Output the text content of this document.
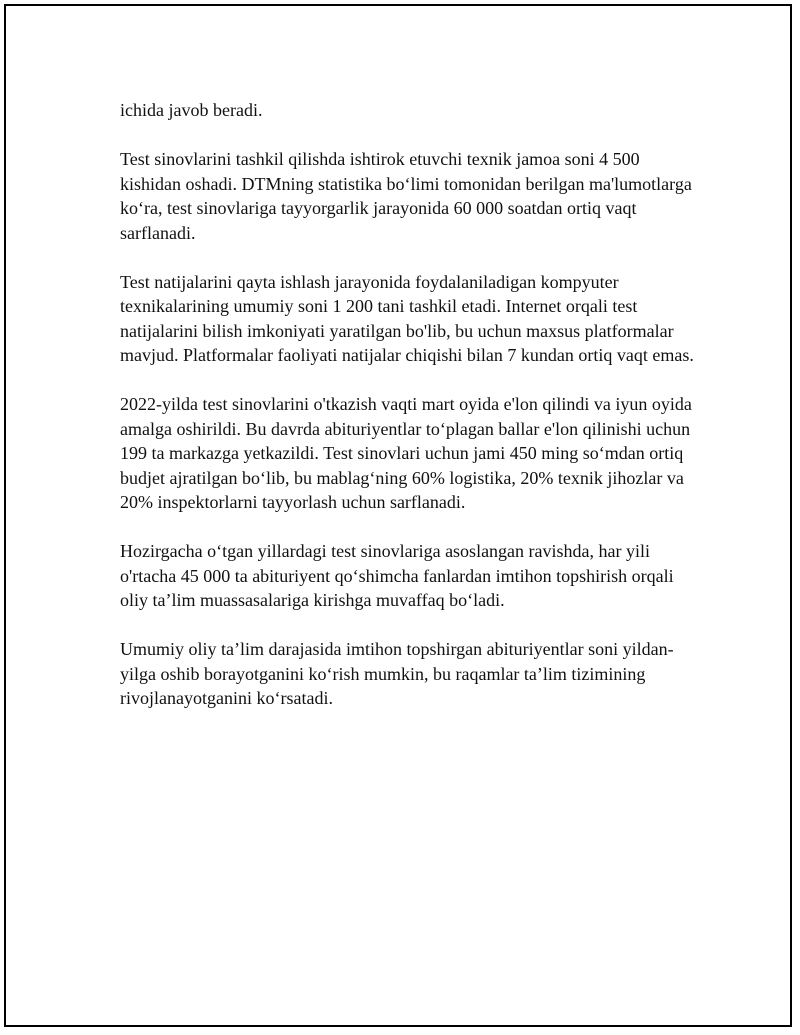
ichida javob beradi.

Test sinovlarini tashkil qilishda ishtirok etuvchi texnik jamoa soni 4 500 kishidan oshadi. DTMning statistika bo‘limi tomonidan berilgan ma'lumotlarga ko‘ra, test sinovlariga tayyorgarlik jarayonida 60 000 soatdan ortiq vaqt sarflanadi.

Test natijalarini qayta ishlash jarayonida foydalaniladigan kompyuter texnikalarining umumiy soni 1 200 tani tashkil etadi. Internet orqali test natijalarini bilish imkoniyati yaratilgan bo'lib, bu uchun maxsus platformalar mavjud. Platformalar faoliyati natijalar chiqishi bilan 7 kundan ortiq vaqt emas.

2022-yilda test sinovlarini o'tkazish vaqti mart oyida e'lon qilindi va iyun oyida amalga oshirildi. Bu davrda abituriyentlar to‘plagan ballar e'lon qilinishi uchun 199 ta markazga yetkazildi. Test sinovlari uchun jami 450 ming so‘mdan ortiq budjet ajratilgan bo‘lib, bu mablag‘ning 60% logistika, 20% texnik jihozlar va 20% inspektorlarni tayyorlash uchun sarflanadi.

Hozirgacha o‘tgan yillardagi test sinovlariga asoslangan ravishda, har yili o'rtacha 45 000 ta abituriyent qo‘shimcha fanlardan imtihon topshirish orqali oliy ta’lim muassasalariga kirishga muvaffaq bo‘ladi.

Umumiy oliy ta’lim darajasida imtihon topshirgan abituriyentlar soni yildan-yilga oshib borayotganini ko‘rish mumkin, bu raqamlar ta’lim tizimining rivojlanayotganini ko‘rsatadi.
